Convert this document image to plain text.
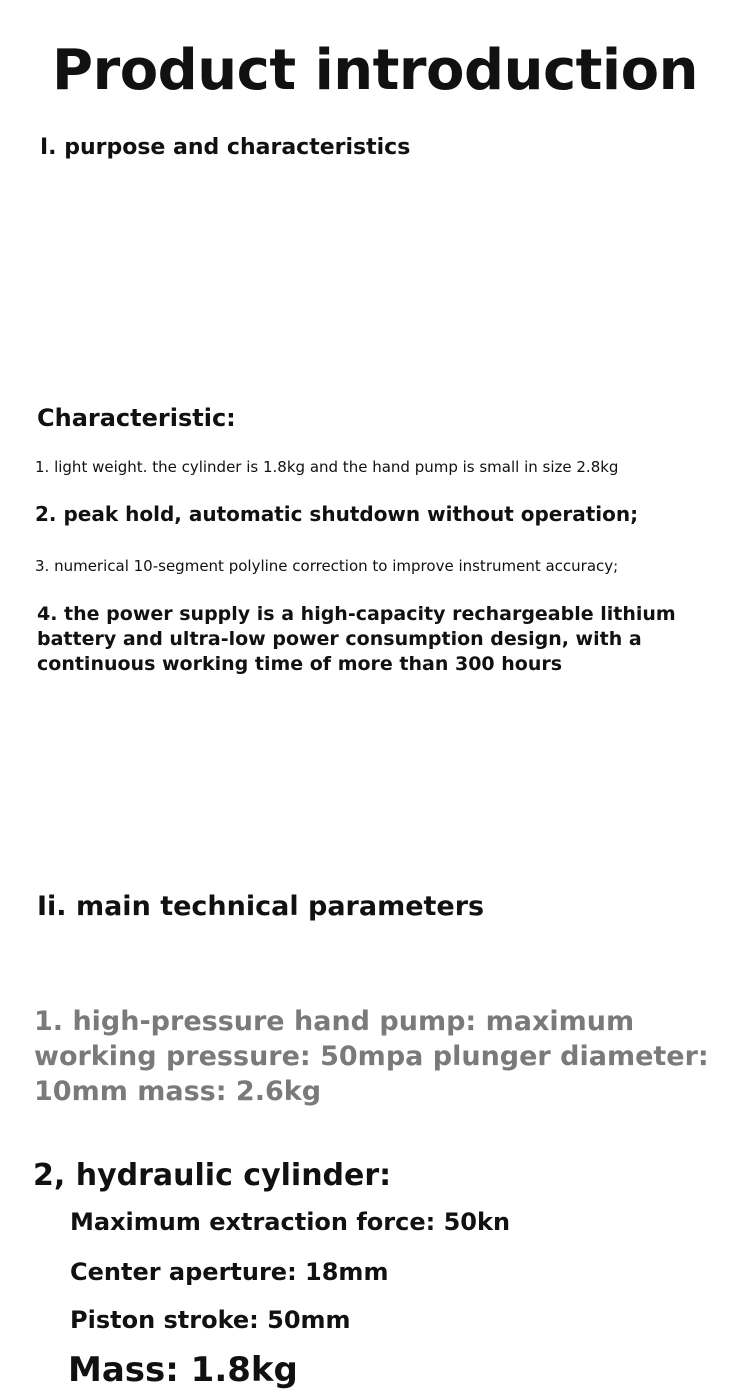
Product introduction
I. purpose and characteristics
Characteristic:
1. light weight. the cylinder is 1.8kg and the hand pump is small in size 2.8kg
2. peak hold, automatic shutdown without operation;
3. numerical 10-segment polyline correction to improve instrument accuracy;
4. the power supply is a high-capacity rechargeable lithium battery and ultra-low power consumption design, with a continuous working time of more than 300 hours
Ii. main technical parameters
1. high-pressure hand pump: maximum working pressure: 50mpa plunger diameter: 10mm mass: 2.6kg
2, hydraulic cylinder:
Maximum extraction force: 50kn
Center aperture: 18mm
Piston stroke: 50mm
Mass: 1.8kg
